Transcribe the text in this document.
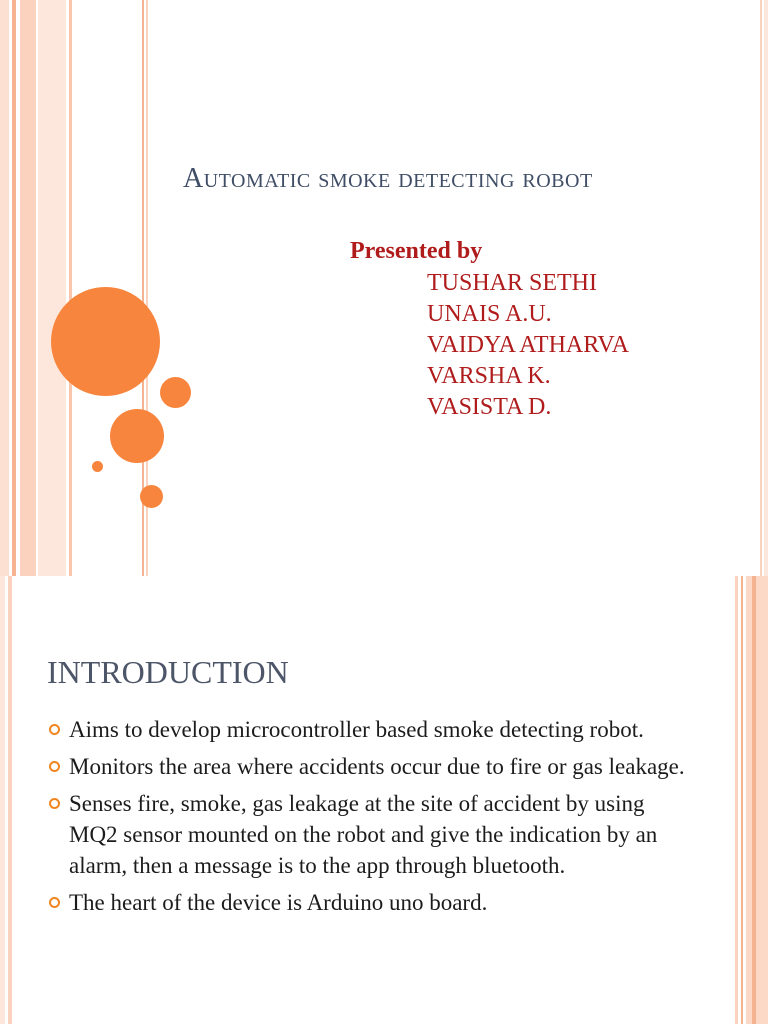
Automatic smoke detecting robot
Presented by
TUSHAR SETHI
UNAIS A.U.
VAIDYA ATHARVA
VARSHA K.
VASISTA D.
INTRODUCTION
Aims to develop microcontroller based smoke detecting robot.
Monitors the area where accidents occur due to fire or gas leakage.
Senses fire, smoke, gas leakage at the site of accident by using MQ2 sensor mounted on the robot and give the indication by an alarm, then a message is to the app through bluetooth.
The heart of the device is Arduino uno board.
